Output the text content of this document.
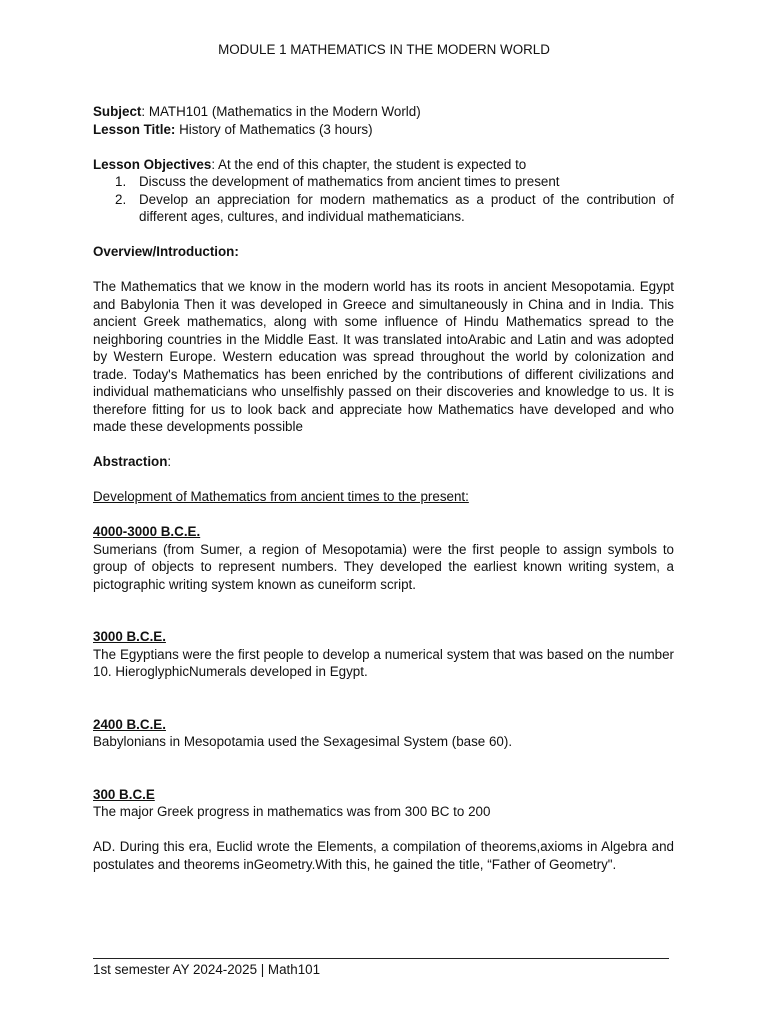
MODULE 1 MATHEMATICS IN THE MODERN WORLD

Subject: MATH101 (Mathematics in the Modern World)

Lesson Title: History of Mathematics (3 hours)

Lesson Objectives: At the end of this chapter, the student is expected to

1. Discuss the development of mathematics from ancient times to present
2. Develop an appreciation for modern mathematics as a product of the contribution of different ages, cultures, and individual mathematicians.

Overview/Introduction:

The Mathematics that we know in the modern world has its roots in ancient Mesopotamia. Egypt and Babylonia Then it was developed in Greece and simultaneously in China and in India. This ancient Greek mathematics, along with some influence of Hindu Mathematics spread to the neighboring countries in the Middle East. It was translated intoArabic and Latin and was adopted by Western Europe. Western education was spread throughout the world by colonization and trade. Today's Mathematics has been enriched by the contributions of different civilizations and individual mathematicians who unselfishly passed on their discoveries and knowledge to us. It is therefore fitting for us to look back and appreciate how Mathematics have developed and who made these developments possible

Abstraction:

Development of Mathematics from ancient times to the present:

4000-3000 B.C.E.

Sumerians (from Sumer, a region of Mesopotamia) were the first people to assign symbols to group of objects to represent numbers. They developed the earliest known writing system, a pictographic writing system known as cuneiform script.

3000 B.C.E.

The Egyptians were the first people to develop a numerical system that was based on the number 10. HieroglyphicNumerals developed in Egypt.

2400 B.C.E.

Babylonians in Mesopotamia used the Sexagesimal System (base 60).

300 B.C.E

The major Greek progress in mathematics was from 300 BC to 200

AD. During this era, Euclid wrote the Elements, a compilation of theorems,axioms in Algebra and postulates and theorems inGeometry.With this, he gained the title, “Father of Geometry".

1st semester AY 2024-2025 | Math101
